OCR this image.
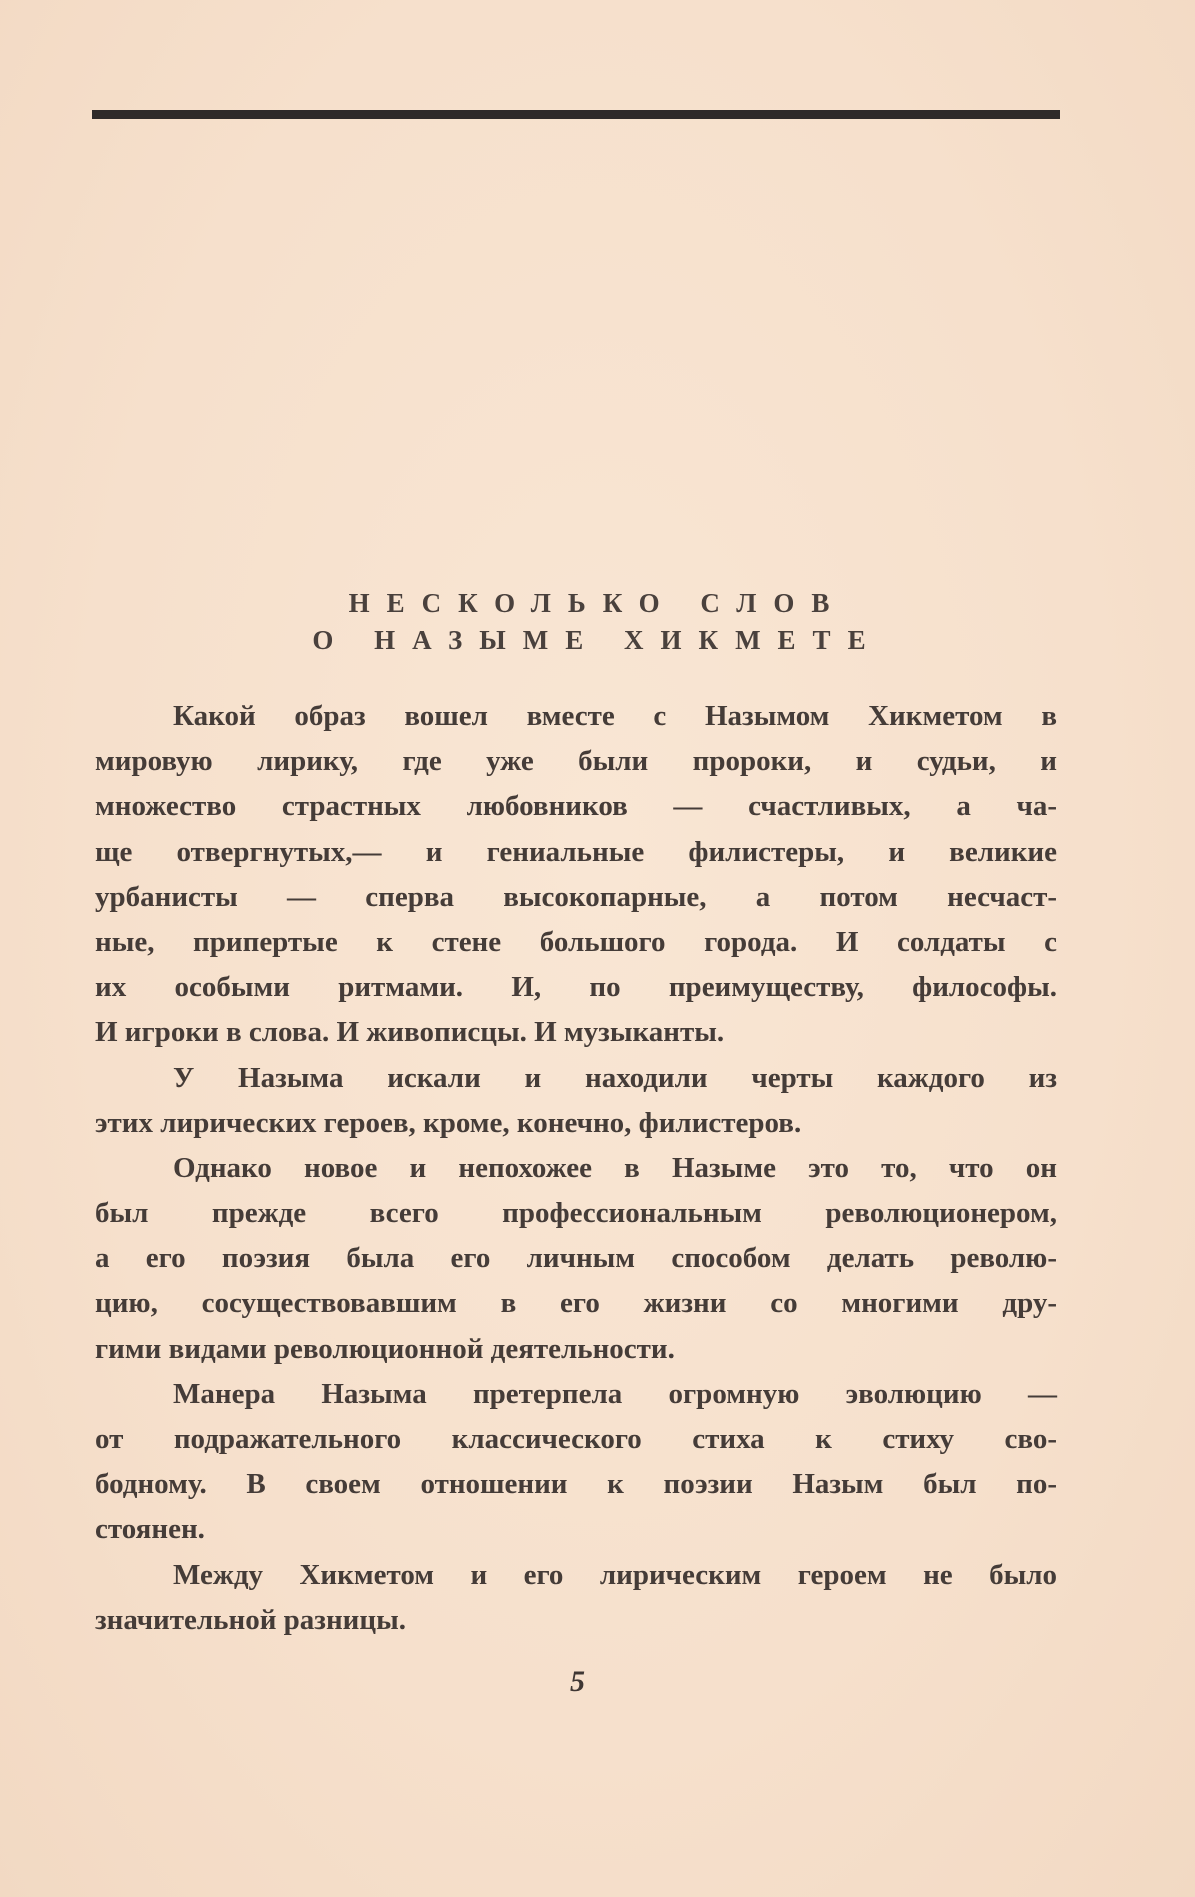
НЕСКОЛЬКО СЛОВ
О НАЗЫМЕ ХИКМЕТЕ
Какой образ вошел вместе с Назымом Хикметом в
мировую лирику, где уже были пророки, и судьи, и
множество страстных любовников — счастливых, а ча-
ще отвергнутых,— и гениальные филистеры, и великие
урбанисты — сперва высокопарные, а потом несчаст-
ные, припертые к стене большого города. И солдаты с
их особыми ритмами. И, по преимуществу, философы.
И игроки в слова. И живописцы. И музыканты.
У Назыма искали и находили черты каждого из
этих лирических героев, кроме, конечно, филистеров.
Однако новое и непохожее в Назыме это то, что он
был прежде всего профессиональным революционером,
а его поэзия была его личным способом делать револю-
цию, сосуществовавшим в его жизни со многими дру-
гими видами революционной деятельности.
Манера Назыма претерпела огромную эволюцию —
от подражательного классического стиха к стиху сво-
бодному. В своем отношении к поэзии Назым был по-
стоянен.
Между Хикметом и его лирическим героем не было
значительной разницы.
5
